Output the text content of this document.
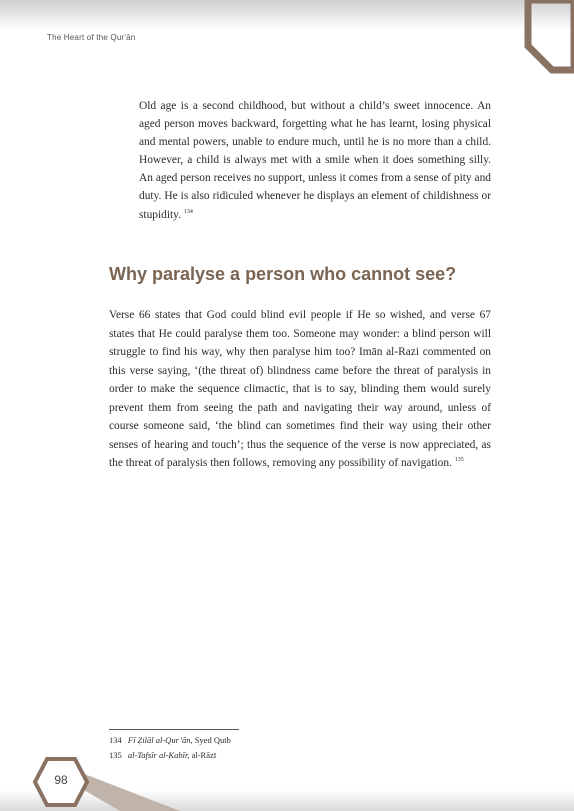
The Heart of the Qur'ān
Old age is a second childhood, but without a child’s sweet innocence. An aged person moves backward, forgetting what he has learnt, losing physical and mental powers, unable to endure much, until he is no more than a child. However, a child is always met with a smile when it does something silly. An aged person receives no support, unless it comes from a sense of pity and duty. He is also ridiculed whenever he displays an element of childishness or stupidity. $^{134}$
Why paralyse a person who cannot see?
Verse 66 states that God could blind evil people if He so wished, and verse 67 states that He could paralyse them too. Someone may wonder: a blind person will struggle to find his way, why then paralyse him too? Imān al-Razi commented on this verse saying, ‘(the threat of) blindness came before the threat of paralysis in order to make the sequence climactic, that is to say, blinding them would surely prevent them from seeing the path and navigating their way around, unless of course someone said, ‘the blind can sometimes find their way using their other senses of hearing and touch’; thus the sequence of the verse is now appreciated, as the threat of paralysis then follows, removing any possibility of navigation. $^{135}$
134 Fī Ẓilāl al-Qur’ān, Syed Qutb
135 al-Tafsīr al-Kabīr, al-Rāzī
98
